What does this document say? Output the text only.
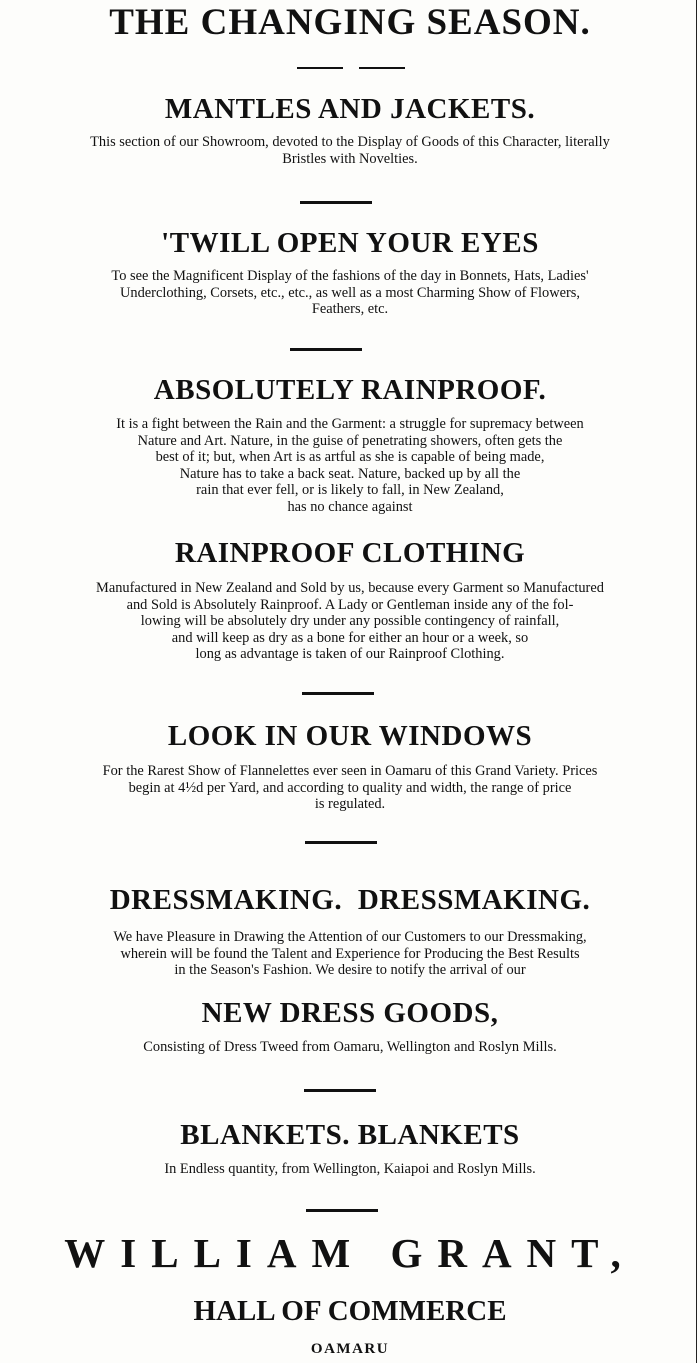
THE CHANGING SEASON.
MANTLES AND JACKETS.
This section of our Showroom, devoted to the Display of Goods of this Character, literally
Bristles with Novelties.
'TWILL OPEN YOUR EYES
To see the Magnificent Display of the fashions of the day in Bonnets, Hats, Ladies'
Underclothing, Corsets, etc., etc., as well as a most Charming Show of Flowers,
Feathers, etc.
ABSOLUTELY RAINPROOF.
It is a fight between the Rain and the Garment: a struggle for supremacy between
Nature and Art. Nature, in the guise of penetrating showers, often gets the
best of it; but, when Art is as artful as she is capable of being made,
Nature has to take a back seat. Nature, backed up by all the
rain that ever fell, or is likely to fall, in New Zealand,
has no chance against
RAINPROOF CLOTHING
Manufactured in New Zealand and Sold by us, because every Garment so Manufactured
and Sold is Absolutely Rainproof. A Lady or Gentleman inside any of the fol-
lowing will be absolutely dry under any possible contingency of rainfall,
and will keep as dry as a bone for either an hour or a week, so
long as advantage is taken of our Rainproof Clothing.
LOOK IN OUR WINDOWS
For the Rarest Show of Flannelettes ever seen in Oamaru of this Grand Variety. Prices
begin at 4½d per Yard, and according to quality and width, the range of price
is regulated.
DRESSMAKING. DRESSMAKING.
We have Pleasure in Drawing the Attention of our Customers to our Dressmaking,
wherein will be found the Talent and Experience for Producing the Best Results
in the Season's Fashion. We desire to notify the arrival of our
NEW DRESS GOODS,
Consisting of Dress Tweed from Oamaru, Wellington and Roslyn Mills.
BLANKETS. BLANKETS
In Endless quantity, from Wellington, Kaiapoi and Roslyn Mills.
WILLIAM GRANT,
HALL OF COMMERCE
OAMARU
